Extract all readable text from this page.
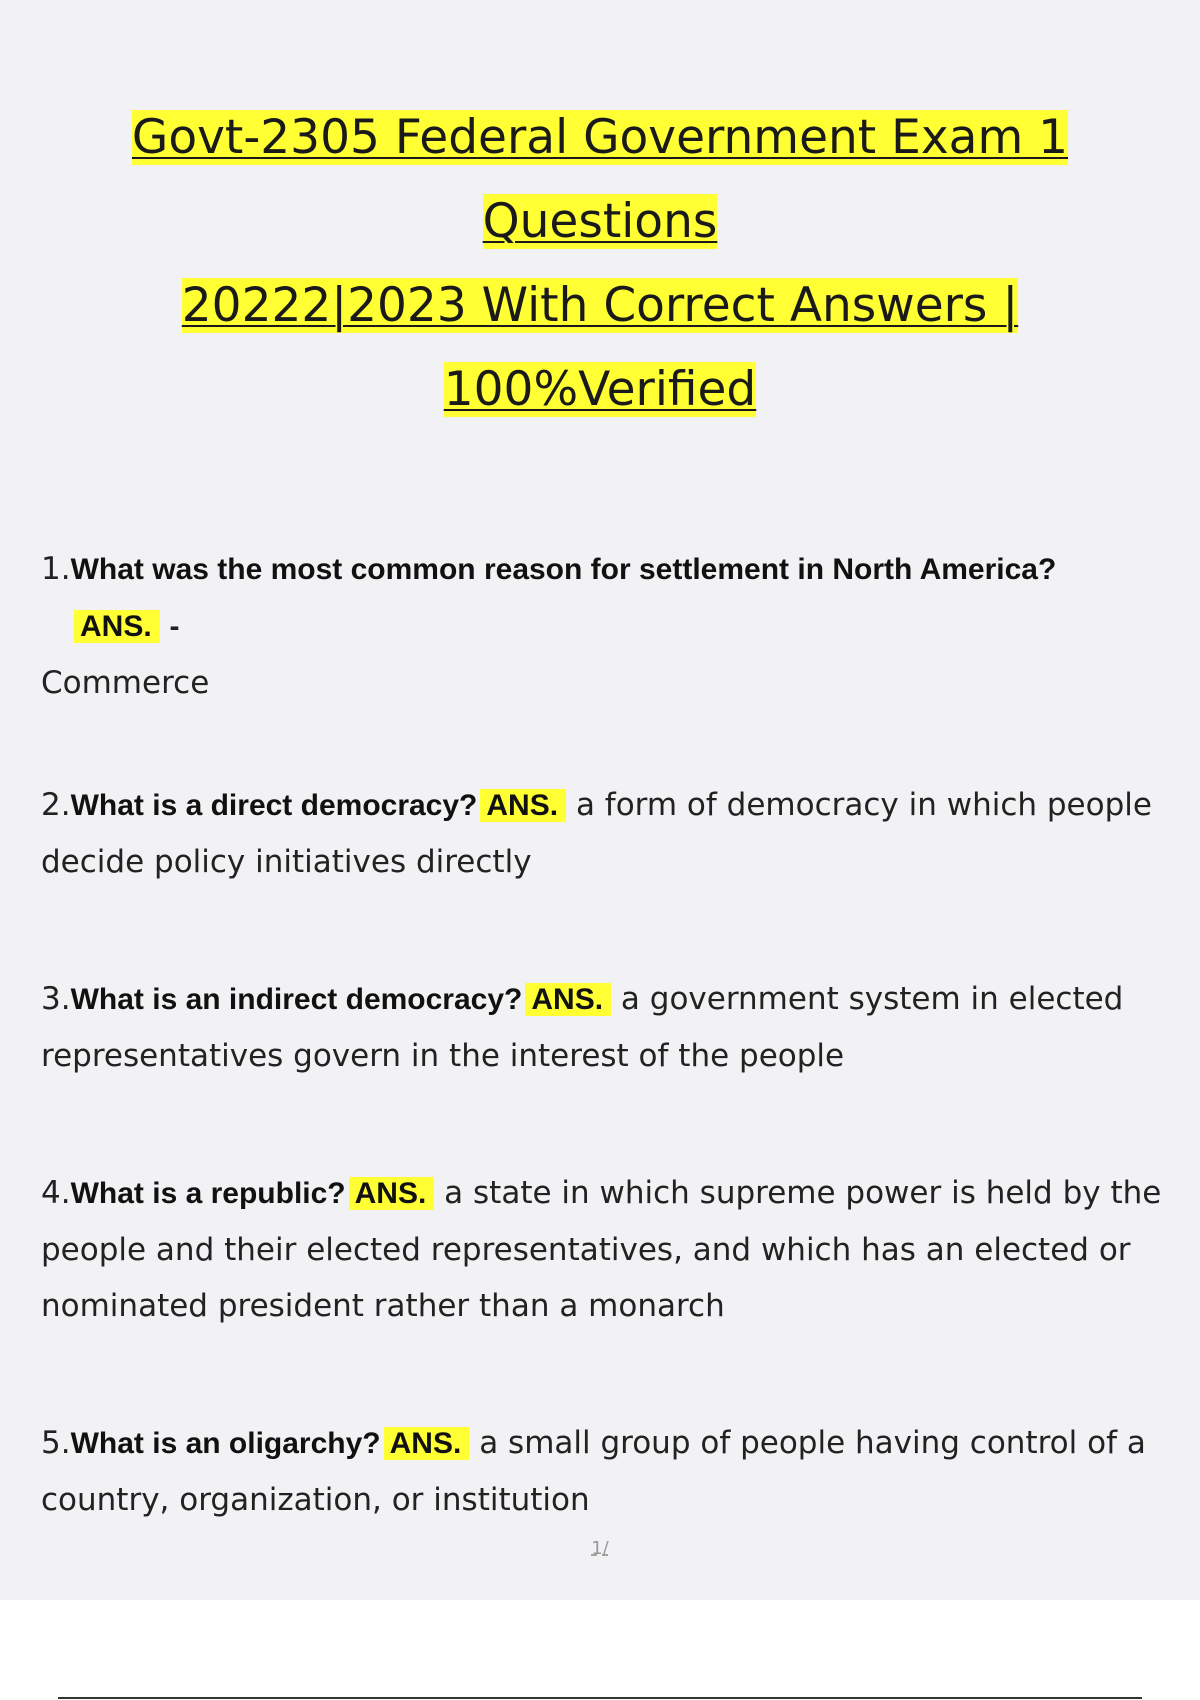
Govt-2305 Federal Government Exam 1
Questions
20222|2023 With Correct Answers |
100%Verified
1.What was the most common reason for settlement in North America?
ANS. -
Commerce
2.What is a direct democracy? ANS. a form of democracy in which people decide policy initiatives directly
3.What is an indirect democracy? ANS. a government system in elected representatives govern in the interest of the people
4.What is a republic? ANS. a state in which supreme power is held by the people and their elected representatives, and which has an elected or nominated president rather than a monarch
5.What is an oligarchy? ANS. a small group of people having control of a country, organization, or institution
1/
